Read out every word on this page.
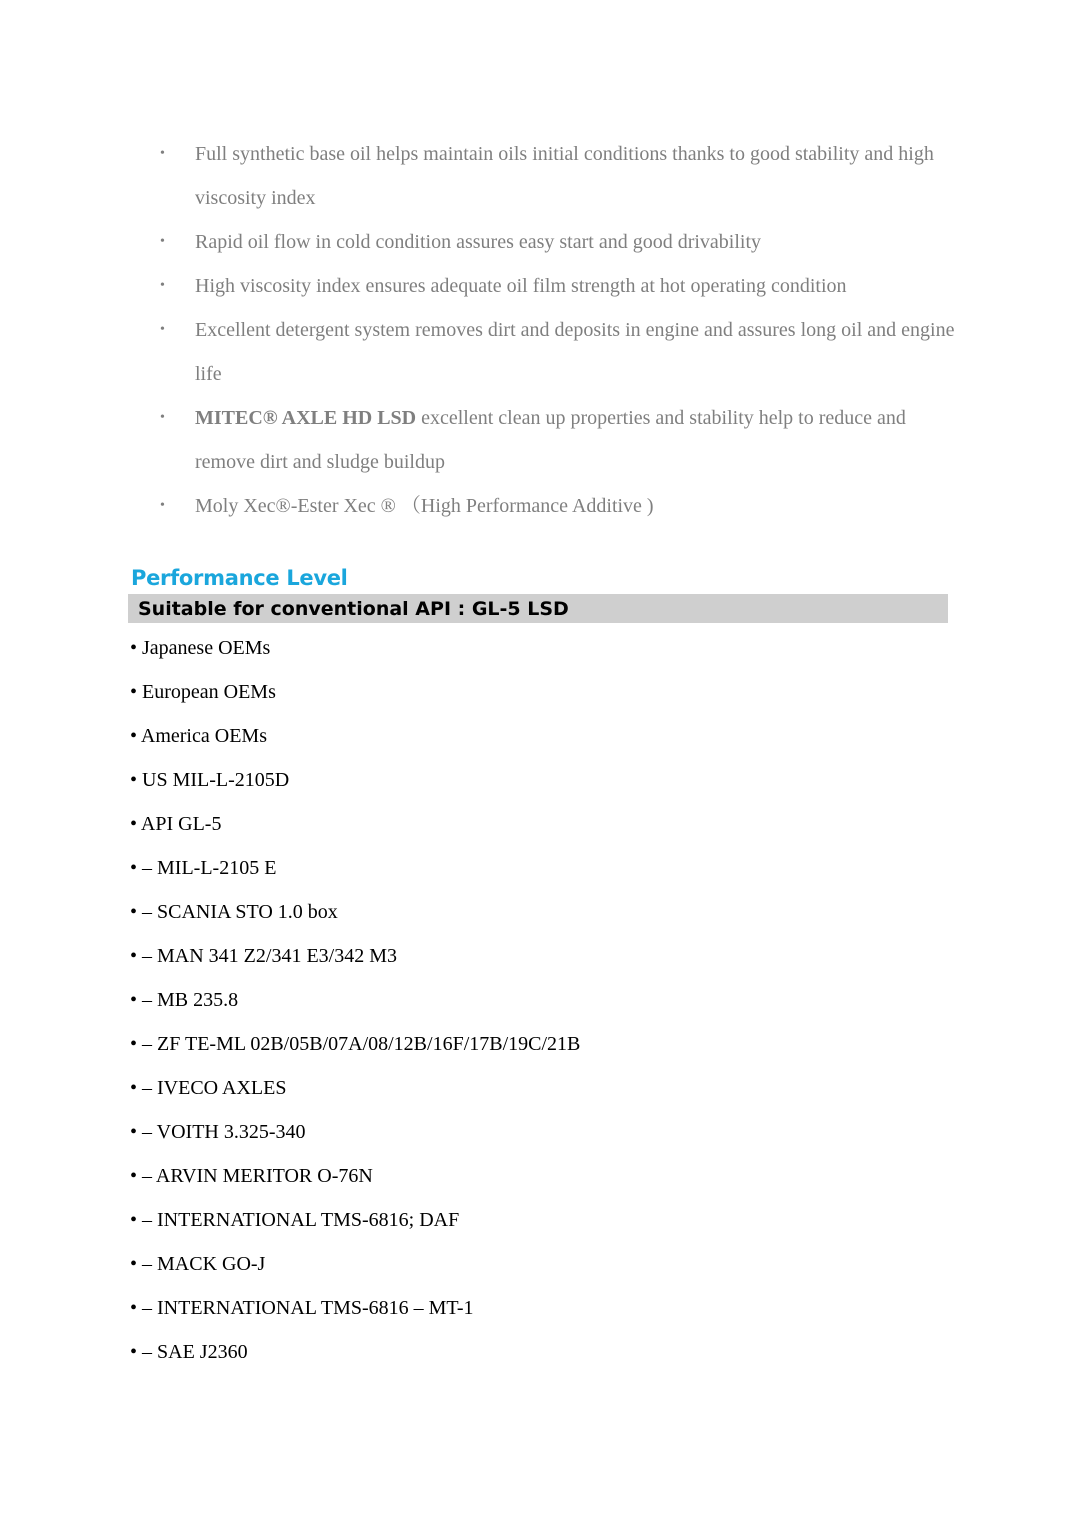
•	Full synthetic base oil helps maintain oils initial conditions thanks to good stability and high viscosity index
•	Rapid oil flow in cold condition assures easy start and good drivability
•	High viscosity index ensures adequate oil film strength at hot operating condition
•	Excellent detergent system removes dirt and deposits in engine and assures long oil and engine life
•	MITEC® AXLE HD LSD excellent clean up properties and stability help to reduce and remove dirt and sludge buildup
•	Moly Xec®-Ester Xec ® （High Performance Additive )
Performance Level
Suitable for conventional API : GL-5 LSD
• Japanese OEMs
• European OEMs
• America OEMs
• US MIL-L-2105D
• API GL-5
• – MIL-L-2105 E
• – SCANIA STO 1.0 box
• – MAN 341 Z2/341 E3/342 M3
• – MB 235.8
• – ZF TE-ML 02B/05B/07A/08/12B/16F/17B/19C/21B
• – IVECO AXLES
• – VOITH 3.325-340
• – ARVIN MERITOR O-76N
• – INTERNATIONAL TMS-6816; DAF
• – MACK GO-J
• – INTERNATIONAL TMS-6816 – MT-1
• – SAE J2360
